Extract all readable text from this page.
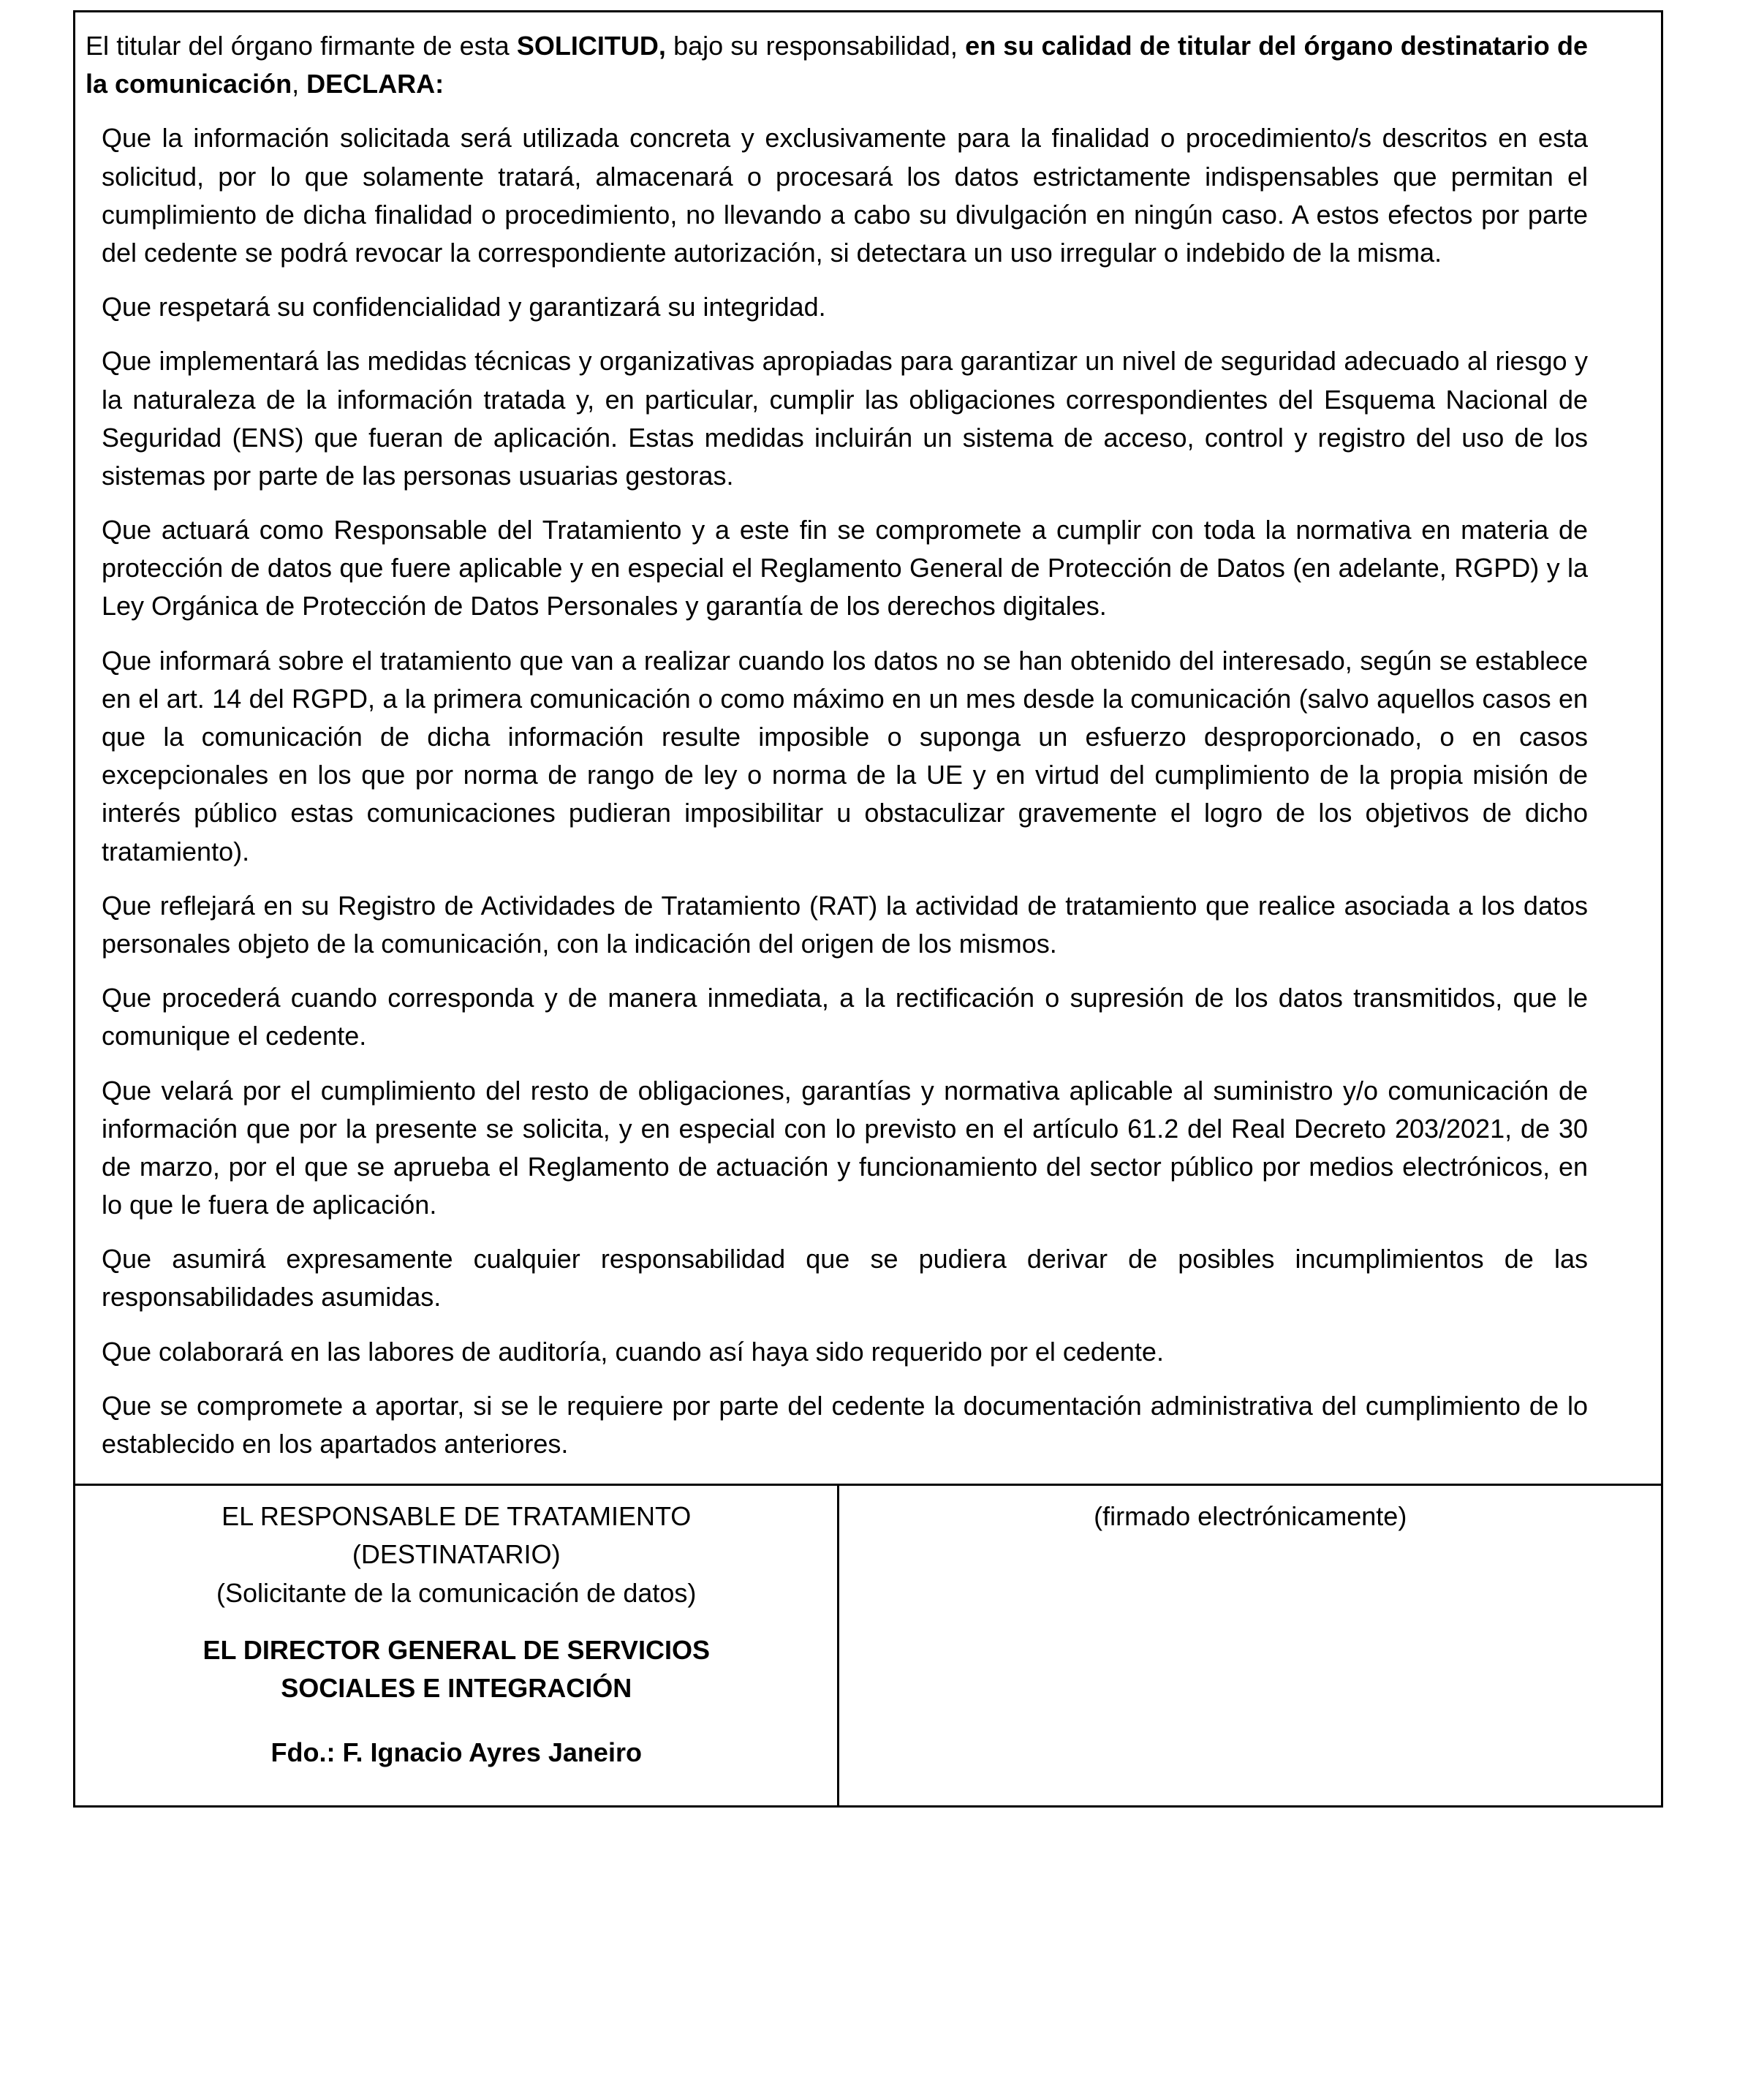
El titular del órgano firmante de esta SOLICITUD, bajo su responsabilidad, en su calidad de titular del órgano destinatario de la comunicación, DECLARA:

Que la información solicitada será utilizada concreta y exclusivamente para la finalidad o procedimiento/s descritos en esta solicitud, por lo que solamente tratará, almacenará o procesará los datos estrictamente indispensables que permitan el cumplimiento de dicha finalidad o procedimiento, no llevando a cabo su divulgación en ningún caso. A estos efectos por parte del cedente se podrá revocar la correspondiente autorización, si detectara un uso irregular o indebido de la misma.

Que respetará su confidencialidad y garantizará su integridad.

Que implementará las medidas técnicas y organizativas apropiadas para garantizar un nivel de seguridad adecuado al riesgo y la naturaleza de la información tratada y, en particular, cumplir las obligaciones correspondientes del Esquema Nacional de Seguridad (ENS) que fueran de aplicación. Estas medidas incluirán un sistema de acceso, control y registro del uso de los sistemas por parte de las personas usuarias gestoras.

Que actuará como Responsable del Tratamiento y a este fin se compromete a cumplir con toda la normativa en materia de protección de datos que fuere aplicable y en especial el Reglamento General de Protección de Datos (en adelante, RGPD) y la Ley Orgánica de Protección de Datos Personales y garantía de los derechos digitales.

Que informará sobre el tratamiento que van a realizar cuando los datos no se han obtenido del interesado, según se establece en el art. 14 del RGPD, a la primera comunicación o como máximo en un mes desde la comunicación (salvo aquellos casos en que la comunicación de dicha información resulte imposible o suponga un esfuerzo desproporcionado, o en casos excepcionales en los que por norma de rango de ley o norma de la UE y en virtud del cumplimiento de la propia misión de interés público estas comunicaciones pudieran imposibilitar u obstaculizar gravemente el logro de los objetivos de dicho tratamiento).

Que reflejará en su Registro de Actividades de Tratamiento (RAT) la actividad de tratamiento que realice asociada a los datos personales objeto de la comunicación, con la indicación del origen de los mismos.

Que procederá cuando corresponda y de manera inmediata, a la rectificación o supresión de los datos transmitidos, que le comunique el cedente.

Que velará por el cumplimiento del resto de obligaciones, garantías y normativa aplicable al suministro y/o comunicación de información que por la presente se solicita, y en especial con lo previsto en el artículo 61.2 del Real Decreto 203/2021, de 30 de marzo, por el que se aprueba el Reglamento de actuación y funcionamiento del sector público por medios electrónicos, en lo que le fuera de aplicación.

Que asumirá expresamente cualquier responsabilidad que se pudiera derivar de posibles incumplimientos de las responsabilidades asumidas.

Que colaborará en las labores de auditoría, cuando así haya sido requerido por el cedente.

Que se compromete a aportar, si se le requiere por parte del cedente la documentación administrativa del cumplimiento de lo establecido en los apartados anteriores.

EL RESPONSABLE DE TRATAMIENTO
(DESTINATARIO)
(Solicitante de la comunicación de datos)
EL DIRECTOR GENERAL DE SERVICIOS
SOCIALES E INTEGRACIÓN
Fdo.: F. Ignacio Ayres Janeiro
(firmado electrónicamente)
